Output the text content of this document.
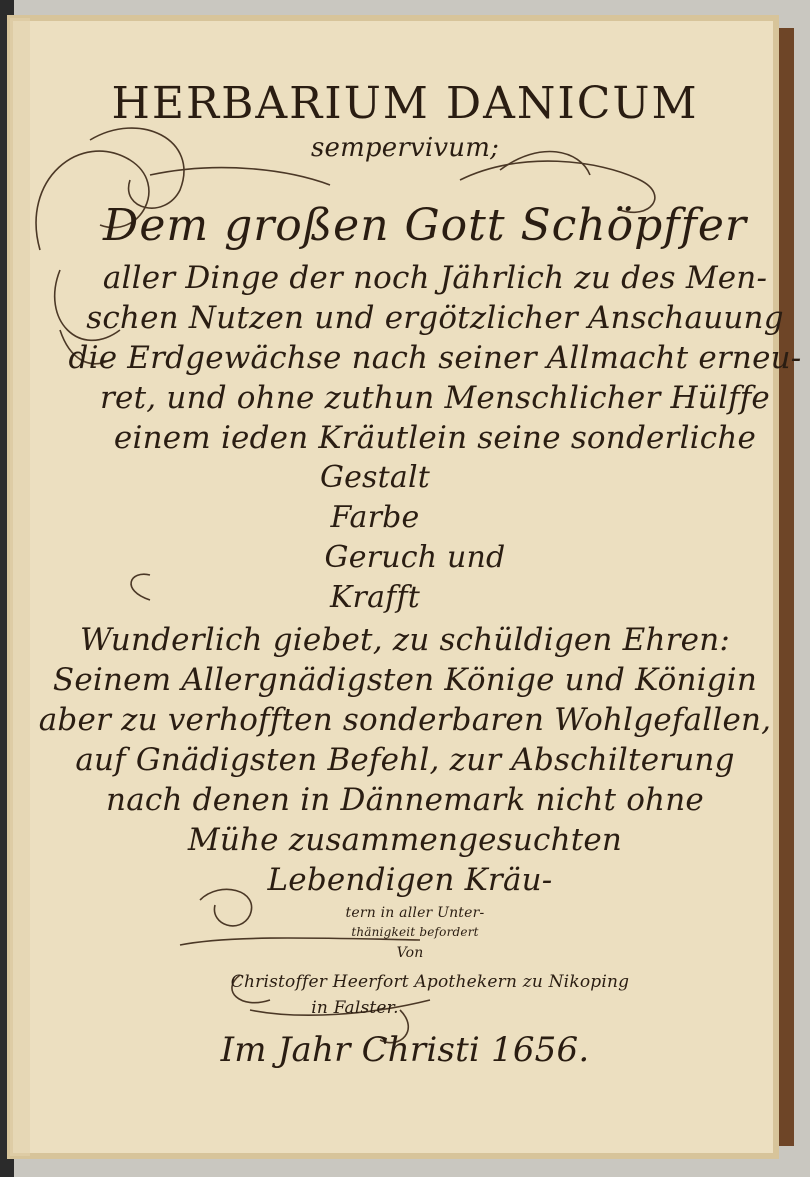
HERBARIUM DANICUM
sempervivum;
Dem großen Gott Schöpffer
aller Dinge der noch Jährlich zu des Men-
schen Nutzen und ergötzlicher Anschauung
die Erdgewächse nach seiner Allmacht erneu-
ret, und ohne zuthun Menschlicher Hülffe
einem ieden Kräutlein seine sonderliche
Gestalt
Farbe
Geruch und
Krafft
Wunderlich giebet, zu schüldigen Ehren:
Seinem Allergnädigsten Könige und Königin
aber zu verhofften sonderbaren Wohlgefallen,
auf Gnädigsten Befehl, zur Abschilterung
nach denen in Dännemark nicht ohne
Mühe zusammengesuchten
Lebendigen Kräu-
tern in aller Unter-
thänigkeit befordert
Von
Christoffer Heerfort Apothekern zu Nikoping
in Falster.
Im Jahr Christi 1656.
